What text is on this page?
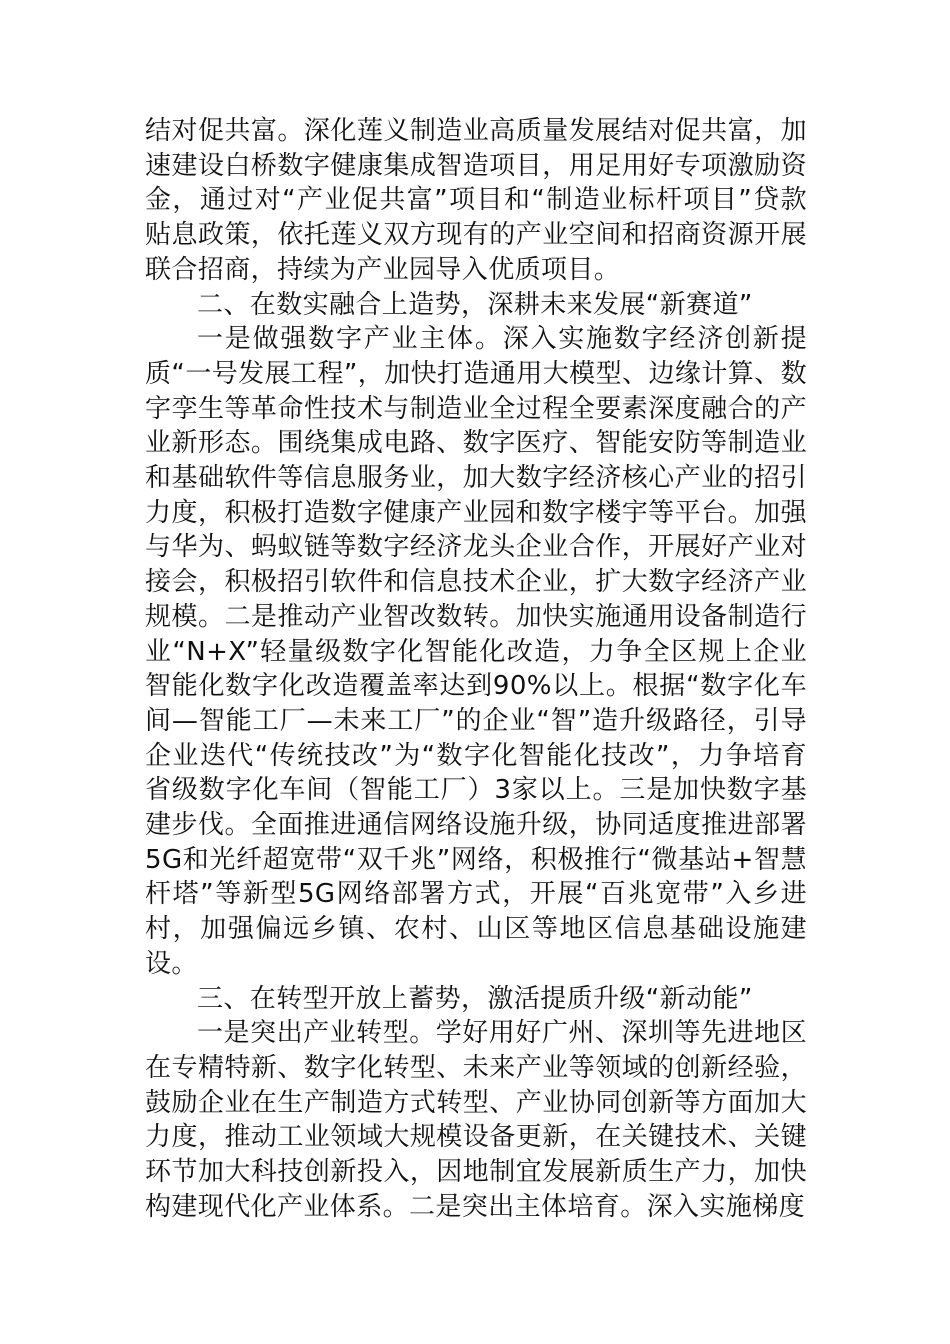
结对促共富。深化莲义制造业高质量发展结对促共富，加速建设白桥数字健康集成智造项目，用足用好专项激励资金，通过对“产业促共富”项目和“制造业标杆项目”贷款贴息政策，依托莲义双方现有的产业空间和招商资源开展联合招商，持续为产业园导入优质项目。

二、在数实融合上造势，深耕未来发展“新赛道”

一是做强数字产业主体。深入实施数字经济创新提质“一号发展工程”，加快打造通用大模型、边缘计算、数字孪生等革命性技术与制造业全过程全要素深度融合的产业新形态。围绕集成电路、数字医疗、智能安防等制造业和基础软件等信息服务业，加大数字经济核心产业的招引力度，积极打造数字健康产业园和数字楼宇等平台。加强与华为、蚂蚁链等数字经济龙头企业合作，开展好产业对接会，积极招引软件和信息技术企业，扩大数字经济产业规模。二是推动产业智改数转。加快实施通用设备制造行业“N+X”轻量级数字化智能化改造，力争全区规上企业智能化数字化改造覆盖率达到90%以上。根据“数字化车间—智能工厂—未来工厂”的企业“智”造升级路径，引导企业迭代“传统技改”为“数字化智能化技改”，力争培育省级数字化车间（智能工厂）3家以上。三是加快数字基建步伐。全面推进通信网络设施升级，协同适度推进部署5G和光纤超宽带“双千兆”网络，积极推行“微基站+智慧杆塔”等新型5G网络部署方式，开展“百兆宽带”入乡进村，加强偏远乡镇、农村、山区等地区信息基础设施建设。

三、在转型开放上蓄势，激活提质升级“新动能”

一是突出产业转型。学好用好广州、深圳等先进地区在专精特新、数字化转型、未来产业等领域的创新经验，鼓励企业在生产制造方式转型、产业协同创新等方面加大力度，推动工业领域大规模设备更新，在关键技术、关键环节加大科技创新投入，因地制宜发展新质生产力，加快构建现代化产业体系。二是突出主体培育。深入实施梯度
